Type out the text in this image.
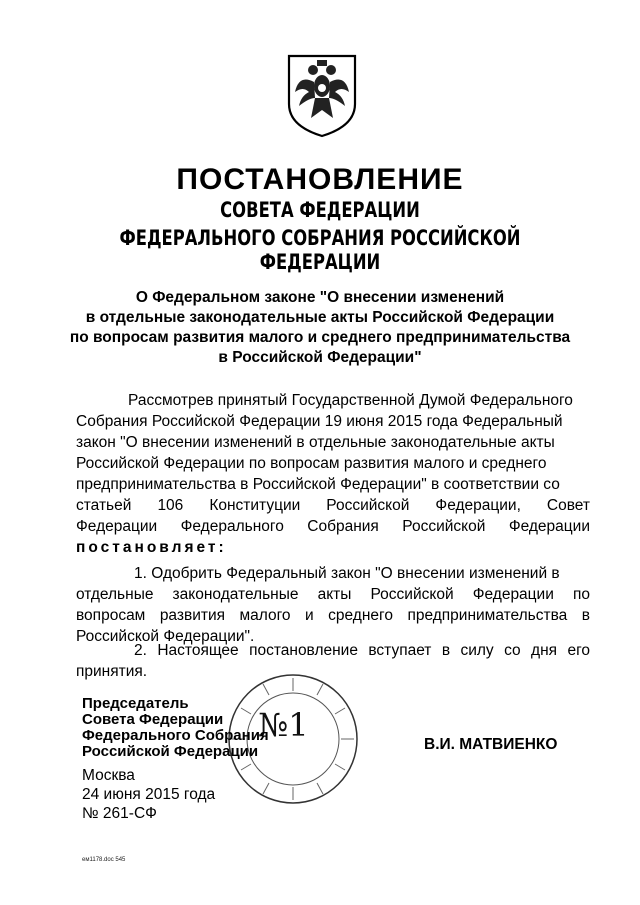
ПОСТАНОВЛЕНИЕ
СОВЕТА ФЕДЕРАЦИИ
ФЕДЕРАЛЬНОГО СОБРАНИЯ РОССИЙСКОЙ ФЕДЕРАЦИИ
О Федеральном законе "О внесении изменений
в отдельные законодательные акты Российской Федерации
по вопросам развития малого и среднего предпринимательства
в Российской Федерации"
Рассмотрев принятый Государственной Думой Федерального
Собрания Российской Федерации 19 июня 2015 года Федеральный
закон "О внесении изменений в отдельные законодательные акты
Российской Федерации по вопросам развития малого и среднего
предпринимательства в Российской Федерации" в соответствии со
статьей 106 Конституции Российской Федерации, Совет
Федерации Федерального Собрания Российской Федерации
постановляет:
1. Одобрить Федеральный закон "О внесении изменений в
отдельные законодательные акты Российской Федерации по
вопросам развития малого и среднего предпринимательства в
Российской Федерации".
2. Настоящее постановление вступает в силу со дня его
принятия.
№1
Председатель
Совета Федерации
Федерального Собрания
Российской Федерации	В.И. МАТВИЕНКО
Москва
24 июня 2015 года
№ 261-СФ
ем1178.doc 545
